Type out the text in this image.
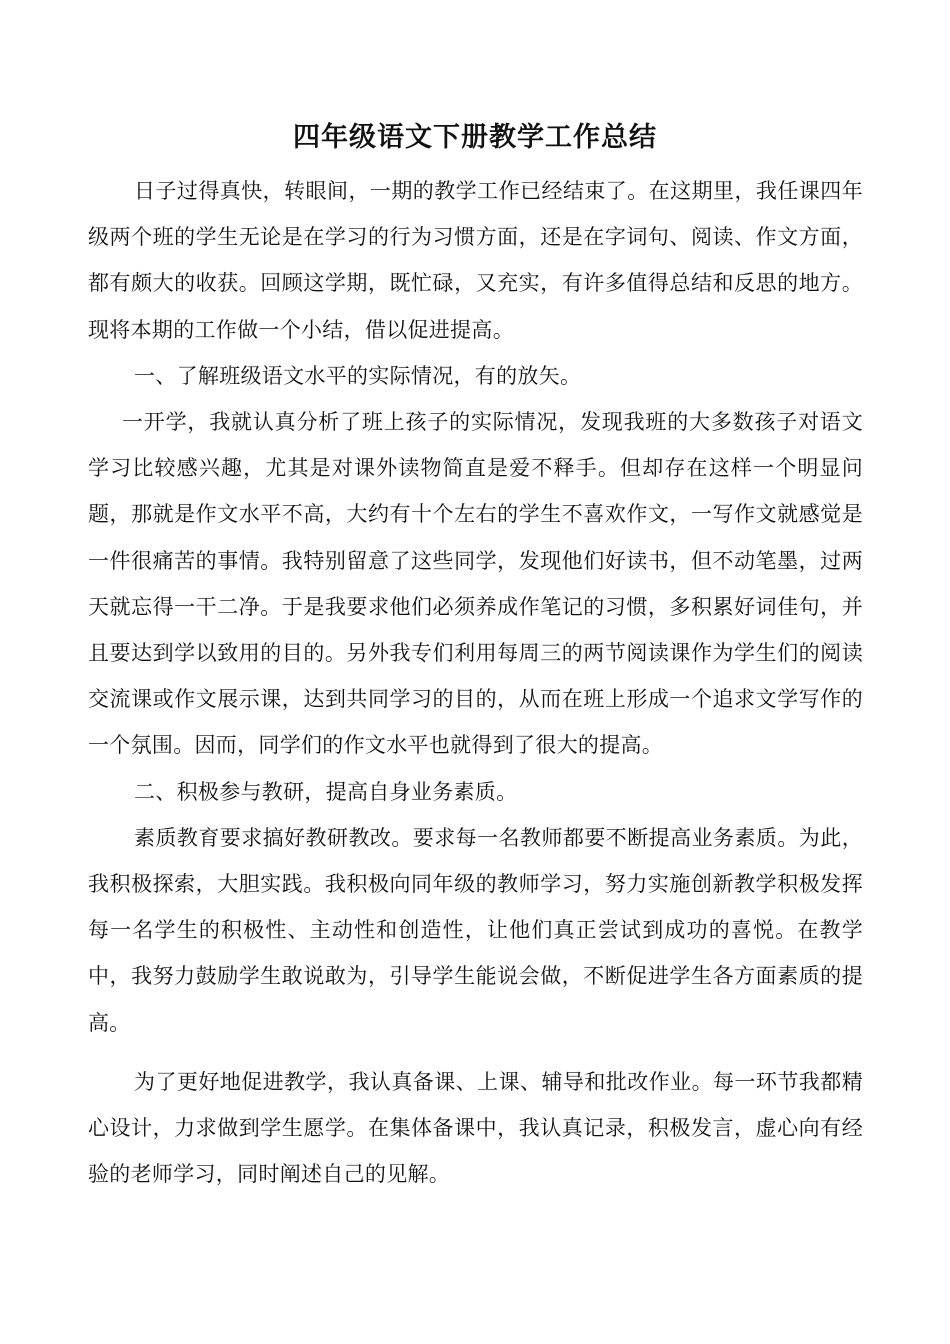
四年级语文下册教学工作总结

日子过得真快，转眼间，一期的教学工作已经结束了。在这期里，我任课四年级两个班的学生无论是在学习的行为习惯方面，还是在字词句、阅读、作文方面，都有颇大的收获。回顾这学期，既忙碌，又充实，有许多值得总结和反思的地方。现将本期的工作做一个小结，借以促进提高。

一、了解班级语文水平的实际情况，有的放矢。

一开学，我就认真分析了班上孩子的实际情况，发现我班的大多数孩子对语文学习比较感兴趣，尤其是对课外读物简直是爱不释手。但却存在这样一个明显问题，那就是作文水平不高，大约有十个左右的学生不喜欢作文，一写作文就感觉是一件很痛苦的事情。我特别留意了这些同学，发现他们好读书，但不动笔墨，过两天就忘得一干二净。于是我要求他们必须养成作笔记的习惯，多积累好词佳句，并且要达到学以致用的目的。另外我专们利用每周三的两节阅读课作为学生们的阅读交流课或作文展示课，达到共同学习的目的，从而在班上形成一个追求文学写作的一个氛围。因而，同学们的作文水平也就得到了很大的提高。

二、积极参与教研，提高自身业务素质。

素质教育要求搞好教研教改。要求每一名教师都要不断提高业务素质。为此，我积极探索，大胆实践。我积极向同年级的教师学习，努力实施创新教学积极发挥每一名学生的积极性、主动性和创造性，让他们真正尝试到成功的喜悦。在教学中，我努力鼓励学生敢说敢为，引导学生能说会做，不断促进学生各方面素质的提高。

为了更好地促进教学，我认真备课、上课、辅导和批改作业。每一环节我都精心设计，力求做到学生愿学。在集体备课中，我认真记录，积极发言，虚心向有经验的老师学习，同时阐述自己的见解。
